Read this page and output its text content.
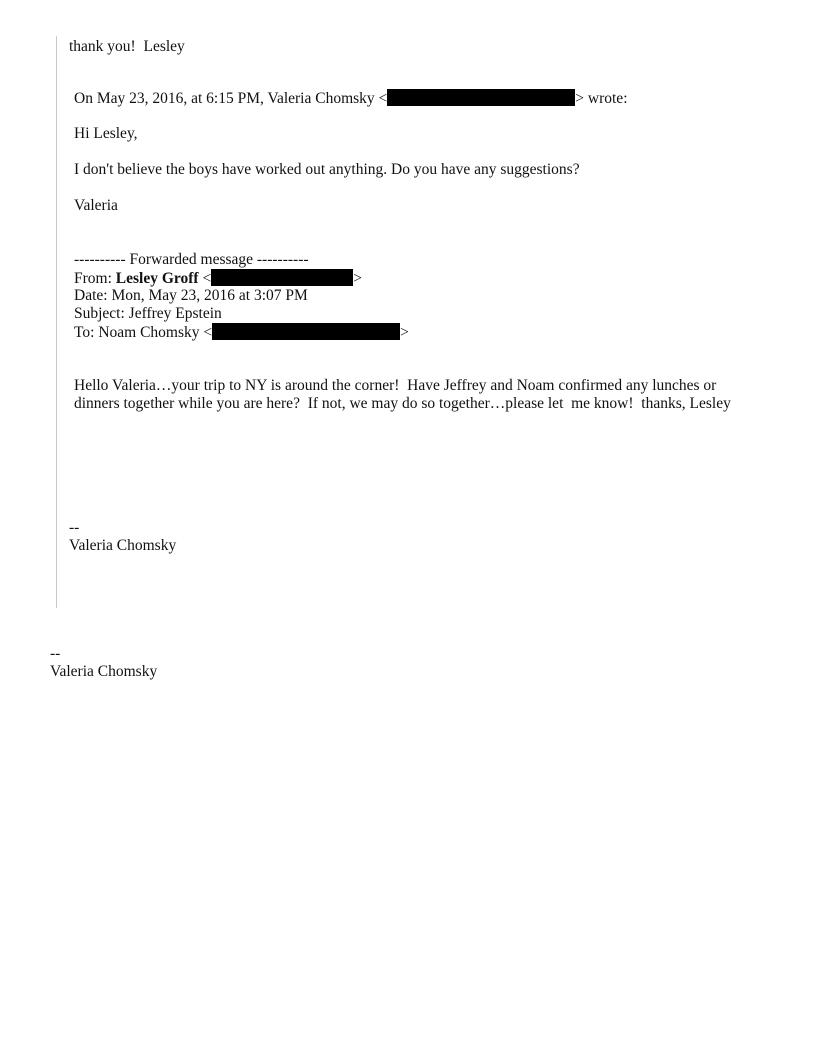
thank you!  Lesley
On May 23, 2016, at 6:15 PM, Valeria Chomsky <	> wrote:
Hi Lesley,
I don't believe the boys have worked out anything. Do you have any suggestions?
Valeria
---------- Forwarded message ----------
From: Lesley Groff <	>
Date: Mon, May 23, 2016 at 3:07 PM
Subject: Jeffrey Epstein
To: Noam Chomsky <	>
Hello Valeria…your trip to NY is around the corner!  Have Jeffrey and Noam confirmed any lunches or
dinners together while you are here?  If not, we may do so together…please let  me know!  thanks, Lesley
--
Valeria Chomsky
--
Valeria Chomsky
